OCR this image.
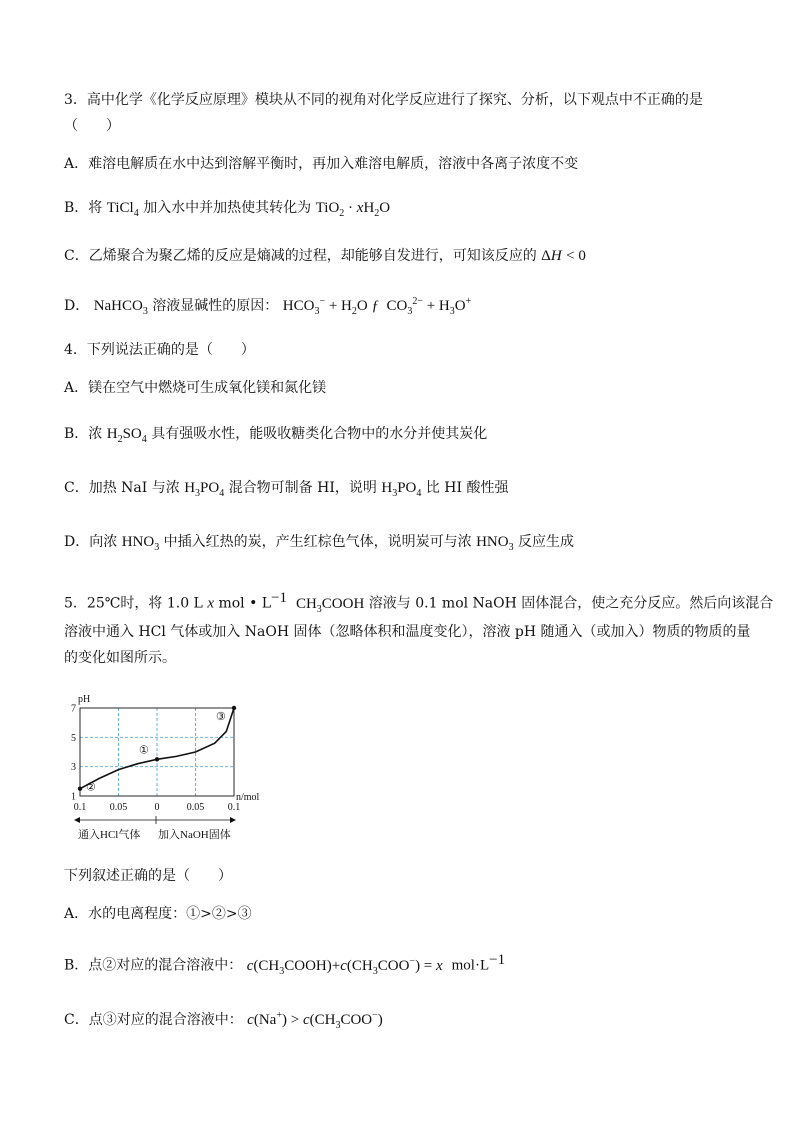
3．高中化学《化学反应原理》模块从不同的视角对化学反应进行了探究、分析，以下观点中不正确的是
（　　）
A．难溶电解质在水中达到溶解平衡时，再加入难溶电解质，溶液中各离子浓度不变
B．将 TiCl$_4$ 加入水中并加热使其转化为 $TiO_2 \cdot xH_2O$
C．乙烯聚合为聚乙烯的反应是熵减的过程，却能够自发进行，可知该反应的 ΔH < 0
D． NaHCO$_3$ 溶液显碱性的原因： $HCO_3^- + H_2O$ ƒ  $CO_3^{2-} + H_3O^+$
4．下列说法正确的是（　　）
A．镁在空气中燃烧可生成氧化镁和氮化镁
B．浓 $H_2SO_4$ 具有强吸水性，能吸收糖类化合物中的水分并使其炭化
C．加热 NaI 与浓 $H_3PO_4$ 混合物可制备 HI，说明 $H_3PO_4$ 比 HI 酸性强
D．向浓 $HNO_3$ 中插入红热的炭，产生红棕色气体，说明炭可与浓 $HNO_3$ 反应生成
5．25℃时，将 1.0 L x mol • $L^{-1}$ $CH_3COOH$ 溶液与 0.1 mol NaOH 固体混合，使之充分反应。然后向该混合
溶液中通入 HCl 气体或加入 NaOH 固体（忽略体积和温度变化），溶液 pH 随通入（或加入）物质的物质的量
的变化如图所示。
1
3
5
7
0.1 0.05	0	0.05 0.1
②
①
③
pH
n/mol
通入HCl气体 加入NaOH固体
下列叙述正确的是（　　）
A．水的电离程度：①>②>③
B．点②对应的混合溶液中： $c(CH_3COOH)+c(CH_3COO^-) = x$ $mol\cdot L^{-1}$
C．点③对应的混合溶液中： $c(Na^+) > c(CH_3COO^-)$
